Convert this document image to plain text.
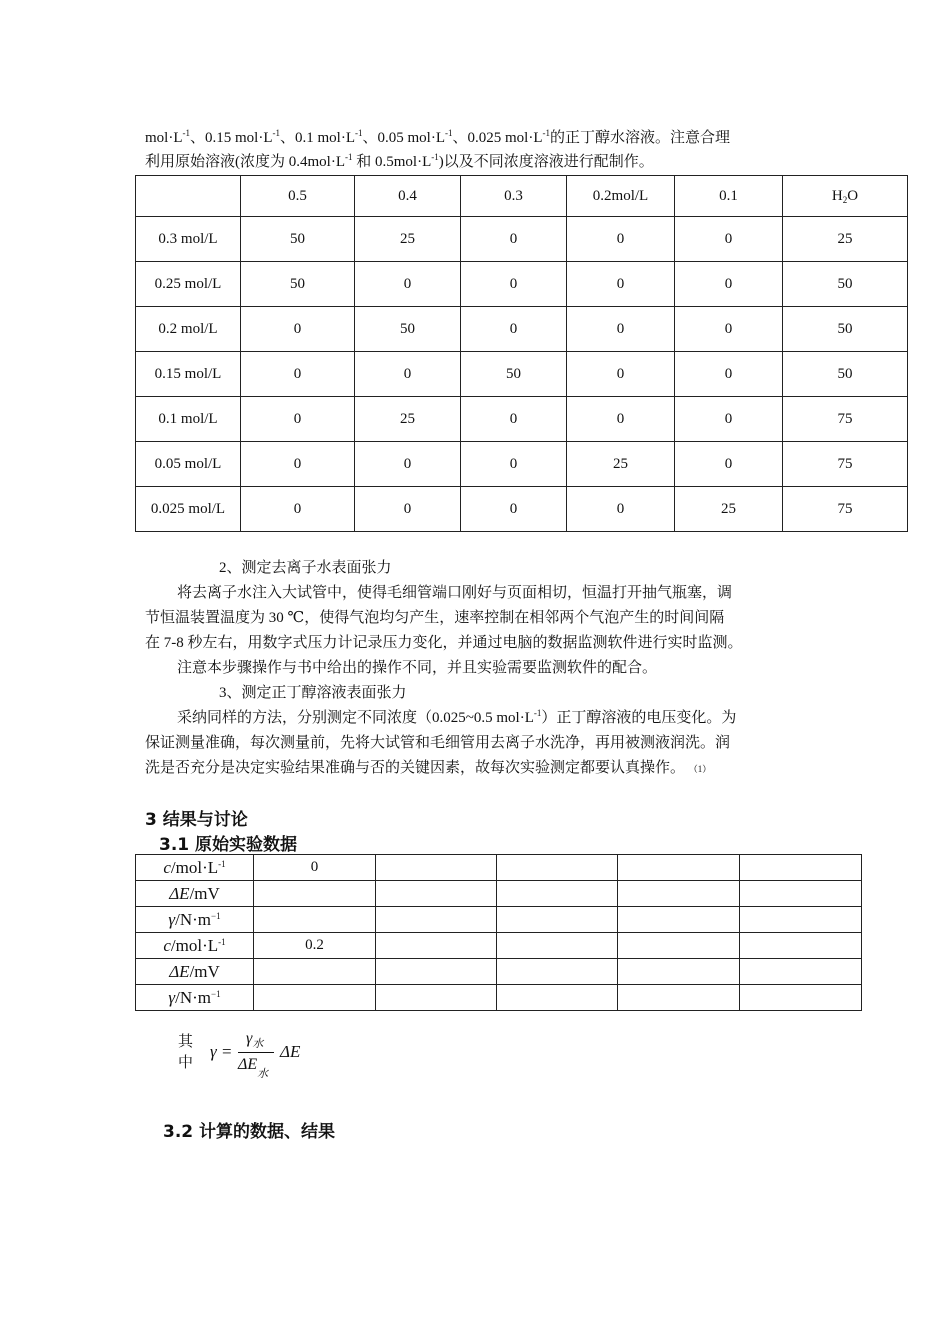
$mol\cdot L^{-1}$、0.15 $mol\cdot L^{-1}$、0.1 $mol\cdot L^{-1}$、0.05 $mol\cdot L^{-1}$、0.025 $mol\cdot L^{-1}$的正丁醇水溶液。注意合理
利用原始溶液(浓度为 $0.4mol\cdot L^{-1}$ 和 $0.5mol\cdot L^{-1}$)以及不同浓度溶液进行配制作。
	0.5	0.4	0.3	0.2mol/L	0.1	$H_2O$
0.3 mol/L	50	25	0	0	0	25
0.25 mol/L	50	0	0	0	0	50
0.2 mol/L	0	50	0	0	0	50
0.15 mol/L	0	0	50	0	0	50
0.1 mol/L	0	25	0	0	0	75
0.05 mol/L	0	0	0	25	0	75
0.025 mol/L	0	0	0	0	25	75
2、测定去离子水表面张力
将去离子水注入大试管中，使得毛细管端口刚好与页面相切，恒温打开抽气瓶塞，调
节恒温装置温度为 30 ℃，使得气泡均匀产生，速率控制在相邻两个气泡产生的时间间隔
在 7-8 秒左右，用数字式压力计记录压力变化，并通过电脑的数据监测软件进行实时监测。
注意本步骤操作与书中给出的操作不同，并且实验需要监测软件的配合。
3、测定正丁醇溶液表面张力
采纳同样的方法，分别测定不同浓度（0.025~0.5 $mol\cdot L^{-1}$）正丁醇溶液的电压变化。为
保证测量准确，每次测量前，先将大试管和毛细管用去离子水洗净，再用被测液润洗。润
洗是否充分是决定实验结果准确与否的关键因素，故每次实验测定都要认真操作。 （1）
3 结果与讨论
3.1 原始实验数据
$c/mol\cdot L^{-1}$	0				
ΔE/mV					
$\gamma/N\cdot m^{-1}$					
$c/mol\cdot L^{-1}$	0.2				
ΔE/mV					
$\gamma/N\cdot m^{-1}$					
其中
γ =
$\gamma_水$
$\Delta E_水$
ΔE
3.2 计算的数据、结果
